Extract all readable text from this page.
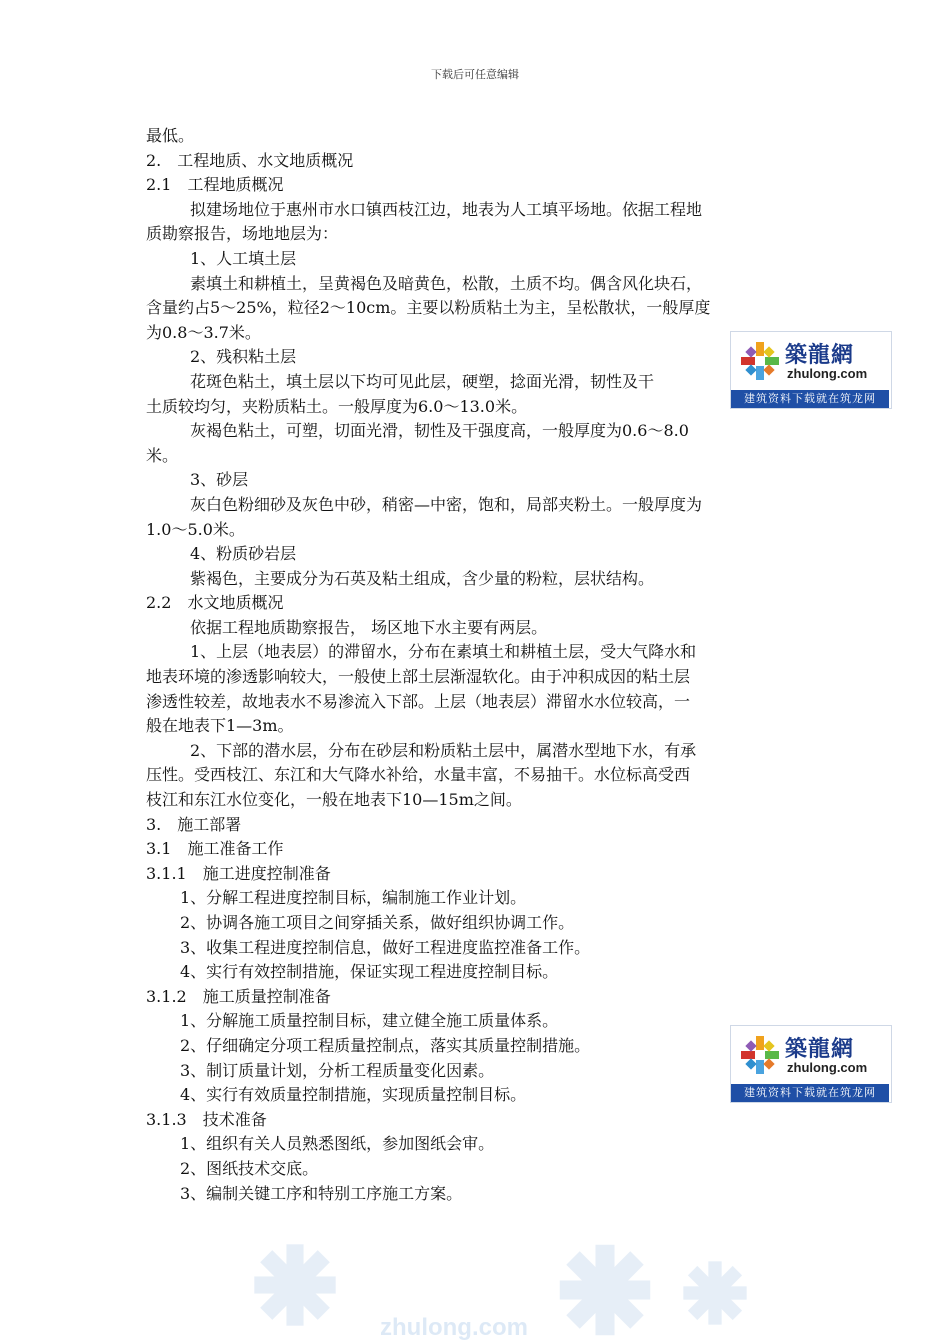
下载后可任意编辑
最低。
2.　工程地质、水文地质概况
2.1　工程地质概况
拟建场地位于惠州市水口镇西枝江边，地表为人工填平场地。依据工程地
质勘察报告，场地地层为：
1、人工填土层
素填土和耕植土，呈黄褐色及暗黄色，松散，土质不均。偶含风化块石，
含量约占5～25%，粒径2～10cm。主要以粉质粘土为主，呈松散状，一般厚度
为0.8～3.7米。
2、残积粘土层
花斑色粘土，填土层以下均可见此层，硬塑，捻面光滑，韧性及干
土质较均匀，夹粉质粘土。一般厚度为6.0～13.0米。
灰褐色粘土，可塑，切面光滑，韧性及干强度高，一般厚度为0.6～8.0
米。
3、砂层
灰白色粉细砂及灰色中砂，稍密—中密，饱和，局部夹粉土。一般厚度为
1.0～5.0米。
4、粉质砂岩层
紫褐色，主要成分为石英及粘土组成，含少量的粉粒，层状结构。
2.2　水文地质概况
依据工程地质勘察报告， 场区地下水主要有两层。
1、上层（地表层）的滞留水，分布在素填土和耕植土层，受大气降水和
地表环境的渗透影响较大，一般使上部土层渐湿软化。由于冲积成因的粘土层
渗透性较差，故地表水不易渗流入下部。上层（地表层）滞留水水位较高，一
般在地表下1—3m。
2、下部的潜水层，分布在砂层和粉质粘土层中，属潜水型地下水，有承
压性。受西枝江、东江和大气降水补给，水量丰富，不易抽干。水位标高受西
枝江和东江水位变化，一般在地表下10—15m之间。
3.　施工部署
3.1　施工准备工作
3.1.1　施工进度控制准备
1、分解工程进度控制目标，编制施工作业计划。
2、协调各施工项目之间穿插关系，做好组织协调工作。
3、收集工程进度控制信息，做好工程进度监控准备工作。
4、实行有效控制措施，保证实现工程进度控制目标。
3.1.2　施工质量控制准备
1、分解施工质量控制目标，建立健全施工质量体系。
2、仔细确定分项工程质量控制点，落实其质量控制措施。
3、制订质量计划，分析工程质量变化因素。
4、实行有效质量控制措施，实现质量控制目标。
3.1.3　技术准备
1、组织有关人员熟悉图纸，参加图纸会审。
2、图纸技术交底。
3、编制关键工序和特别工序施工方案。
築龍網
zhulong.com
建筑资料下载就在筑龙网
築龍網
zhulong.com
建筑资料下载就在筑龙网
zhulong.com
